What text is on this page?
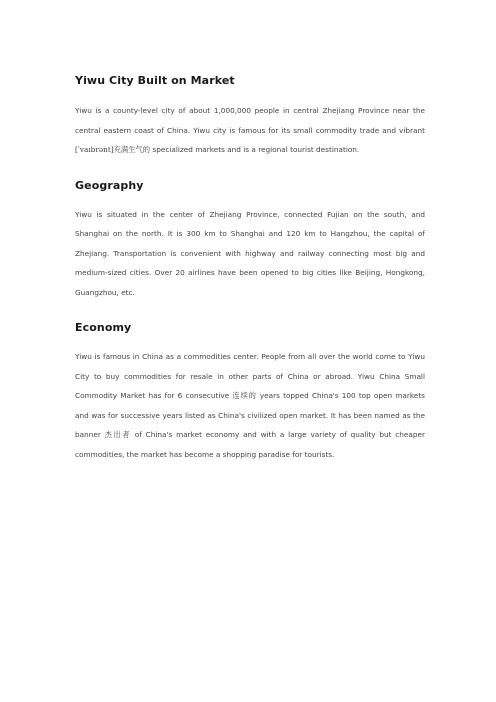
Yiwu City Built on Market

Yiwu is a county-level city of about 1,000,000 people in central Zhejiang Province near the central eastern coast of China. Yiwu city is famous for its small commodity trade and vibrant [ˈvaɪbrənt]充满生气的 specialized markets and is a regional tourist destination.

Geography

Yiwu is situated in the center of Zhejiang Province, connected Fujian on the south, and Shanghai on the north. It is 300 km to Shanghai and 120 km to Hangzhou, the capital of Zhejiang. Transportation is convenient with highway and railway connecting most big and medium-sized cities. Over 20 airlines have been opened to big cities like Beijing, Hongkong, Guangzhou, etc.

Economy

Yiwu is famous in China as a commodities center. People from all over the world come to Yiwu City to buy commodities for resale in other parts of China or abroad. Yiwu China Small Commodity Market has for 6 consecutive 连续的 years topped China's 100 top open markets and was for successive years listed as China's civilized open market. It has been named as the banner 杰出者 of China's market economy and with a large variety of quality but cheaper commodities, the market has become a shopping paradise for tourists.
